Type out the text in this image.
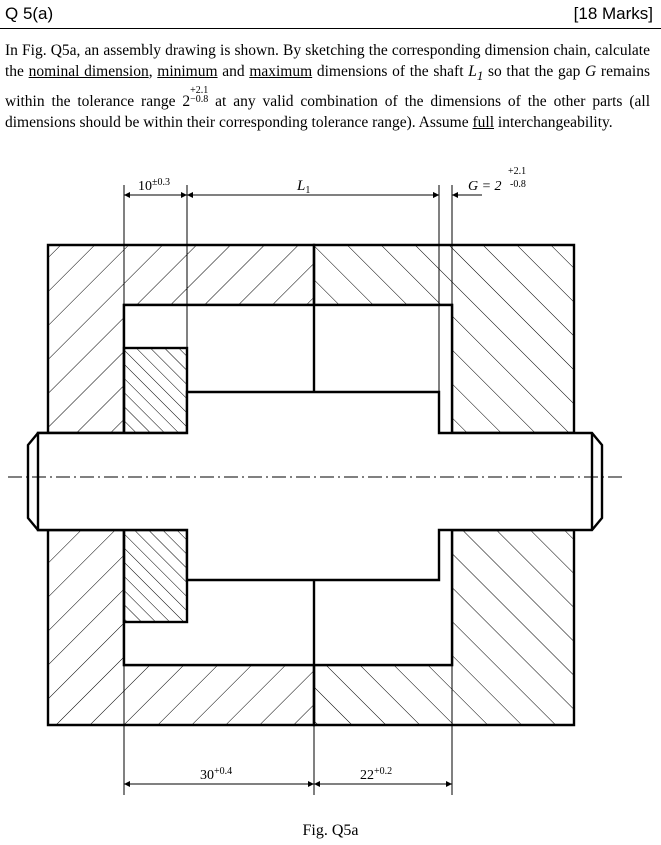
Q 5(a)	[18 Marks]
In Fig. Q5a, an assembly drawing is shown. By sketching the corresponding dimension chain, calculate the nominal dimension, minimum and maximum dimensions of the shaft $L_1$ so that the gap G remains within the tolerance range 2+2.1
−0.8 at any valid combination of the dimensions of the other parts (all dimensions should be within their corresponding tolerance range). Assume full interchangeability.
$10^{\pm 0.3}$	$L_1$	G = 2
+2.1
-0.8
$30^{+0.4}$	$22^{+0.2}$
Fig. Q5a
